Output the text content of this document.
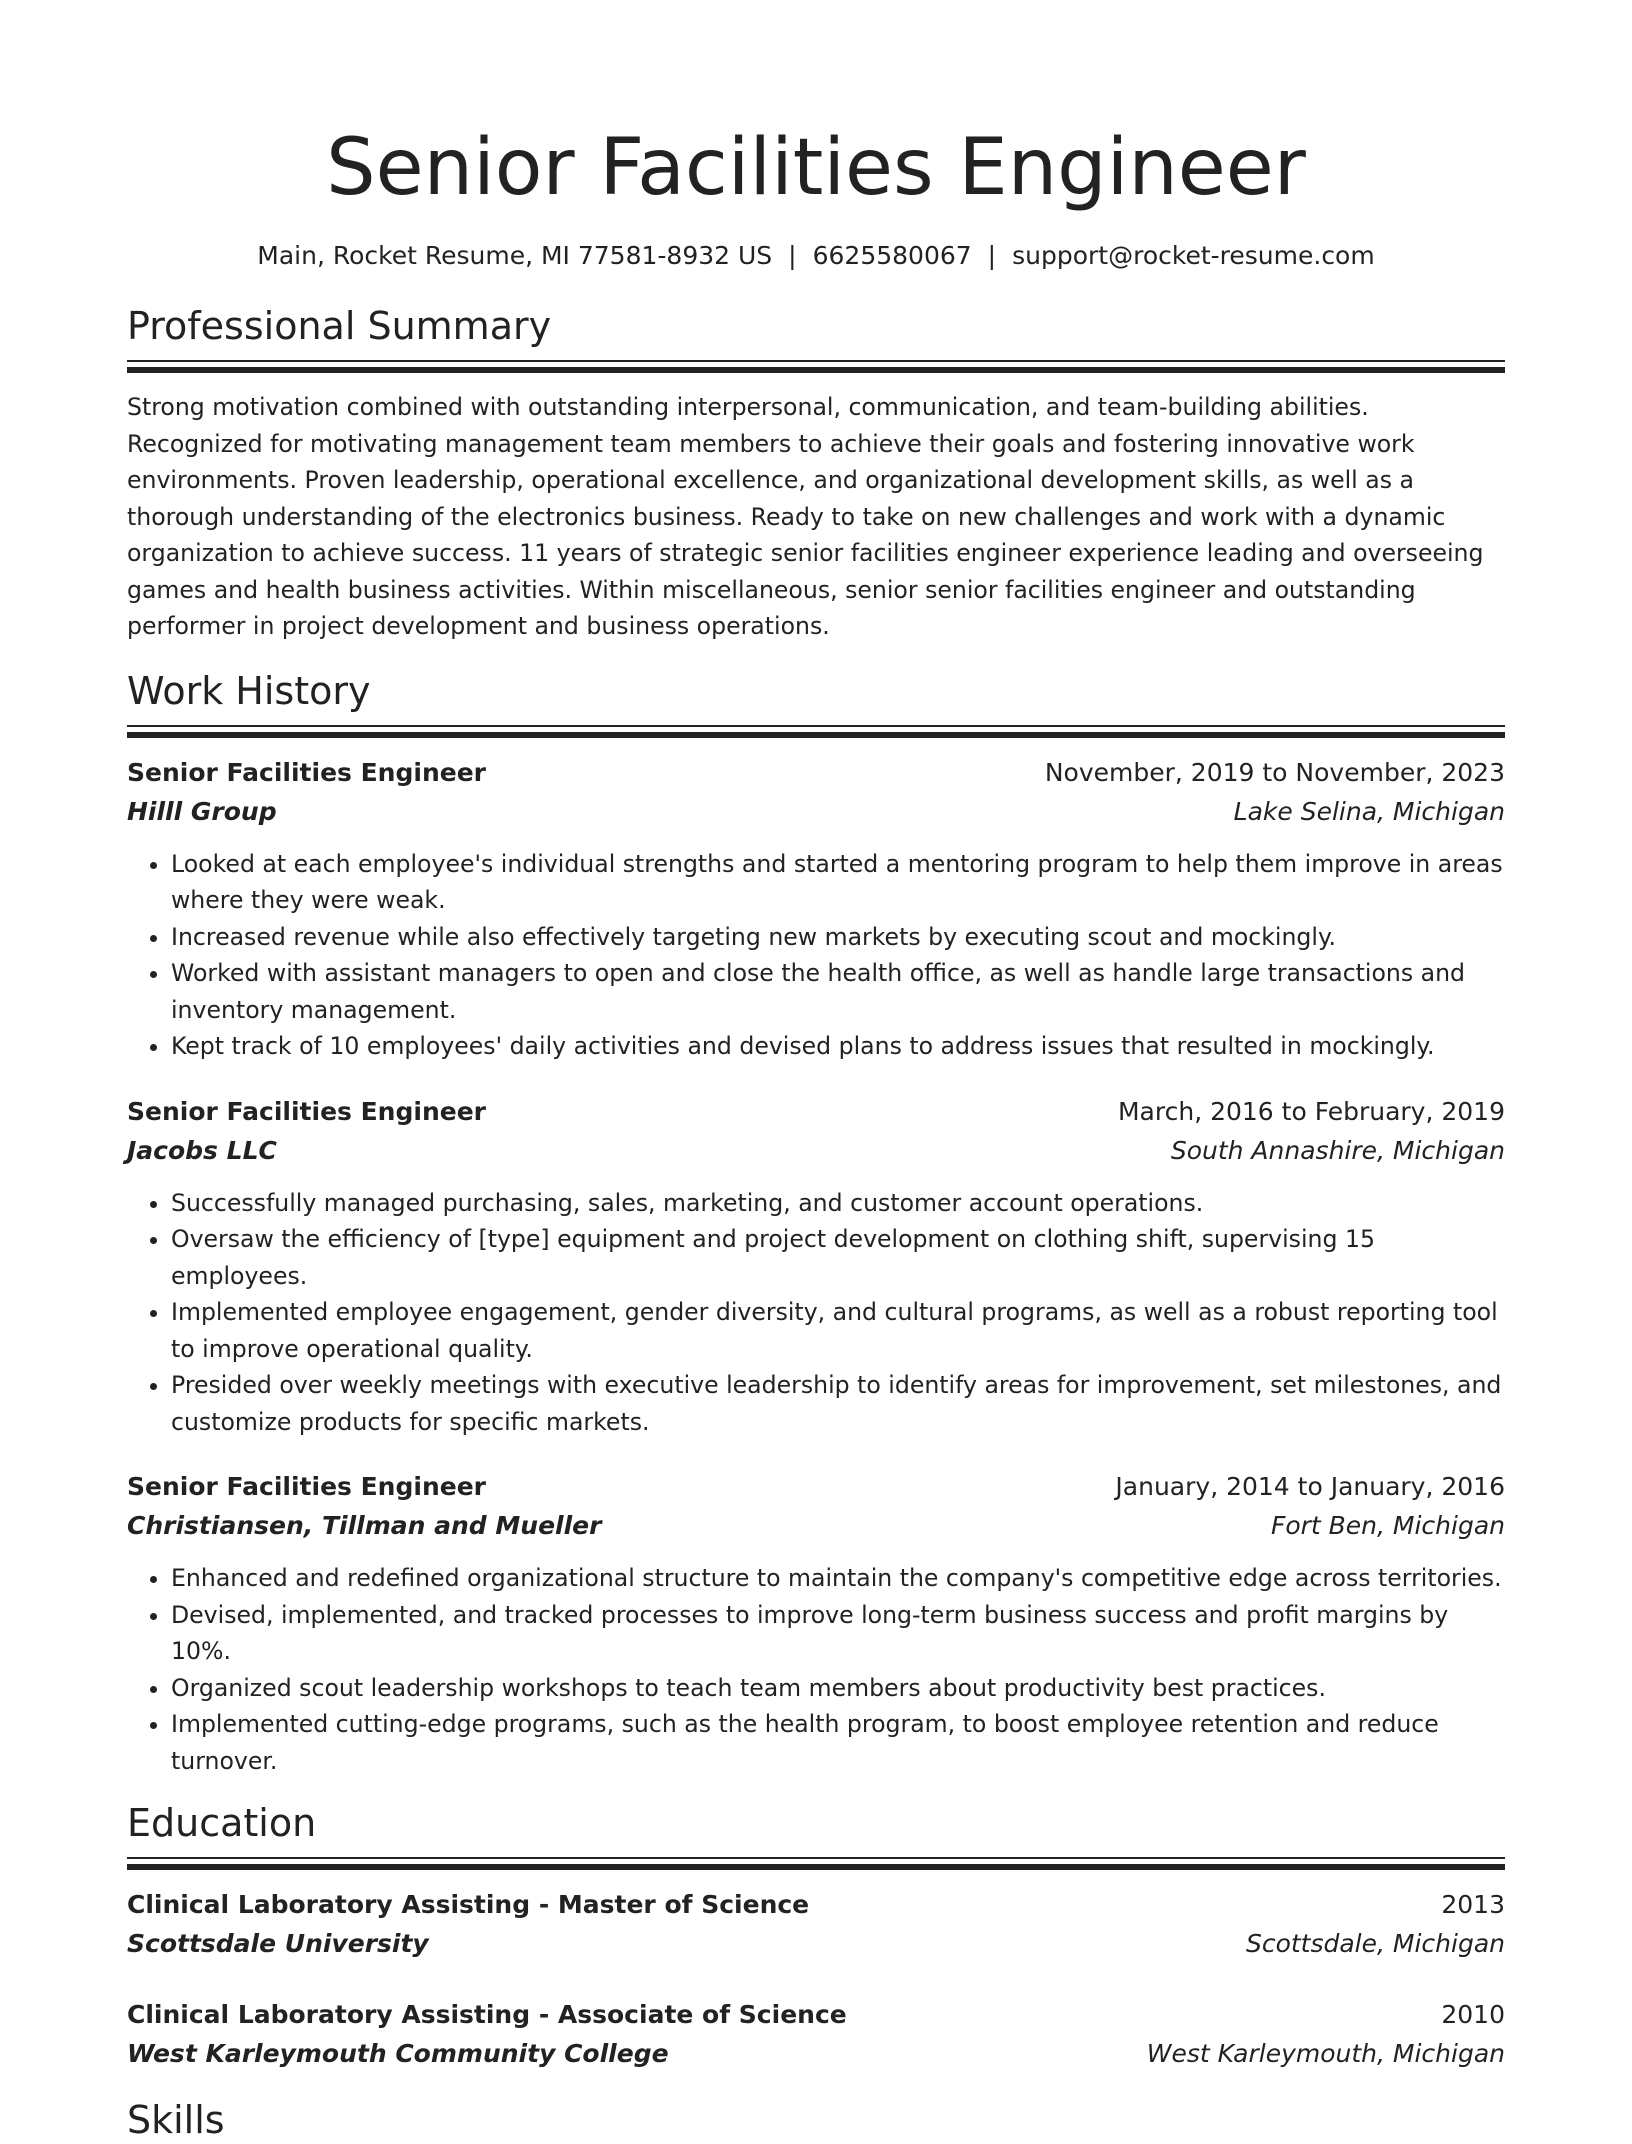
Senior Facilities Engineer
Main, Rocket Resume, MI 77581-8932 US | 6625580067 | support@rocket-resume.com
Professional Summary
Strong motivation combined with outstanding interpersonal, communication, and team-building abilities. Recognized for motivating management team members to achieve their goals and fostering innovative work environments. Proven leadership, operational excellence, and organizational development skills, as well as a thorough understanding of the electronics business. Ready to take on new challenges and work with a dynamic organization to achieve success. 11 years of strategic senior facilities engineer experience leading and overseeing games and health business activities. Within miscellaneous, senior senior facilities engineer and outstanding performer in project development and business operations.
Work History
Senior Facilities Engineer	November, 2019 to November, 2023
Hilll Group	Lake Selina, Michigan
• Looked at each employee's individual strengths and started a mentoring program to help them improve in areas where they were weak.
• Increased revenue while also effectively targeting new markets by executing scout and mockingly.
• Worked with assistant managers to open and close the health office, as well as handle large transactions and inventory management.
• Kept track of 10 employees' daily activities and devised plans to address issues that resulted in mockingly.
Senior Facilities Engineer	March, 2016 to February, 2019
Jacobs LLC	South Annashire, Michigan
• Successfully managed purchasing, sales, marketing, and customer account operations.
• Oversaw the efficiency of [type] equipment and project development on clothing shift, supervising 15 employees.
• Implemented employee engagement, gender diversity, and cultural programs, as well as a robust reporting tool to improve operational quality.
• Presided over weekly meetings with executive leadership to identify areas for improvement, set milestones, and customize products for specific markets.
Senior Facilities Engineer	January, 2014 to January, 2016
Christiansen, Tillman and Mueller	Fort Ben, Michigan
• Enhanced and redefined organizational structure to maintain the company's competitive edge across territories.
• Devised, implemented, and tracked processes to improve long-term business success and profit margins by 10%.
• Organized scout leadership workshops to teach team members about productivity best practices.
• Implemented cutting-edge programs, such as the health program, to boost employee retention and reduce turnover.
Education
Clinical Laboratory Assisting - Master of Science	2013
Scottsdale University	Scottsdale, Michigan
Clinical Laboratory Assisting - Associate of Science	2010
West Karleymouth Community College	West Karleymouth, Michigan
Skills
